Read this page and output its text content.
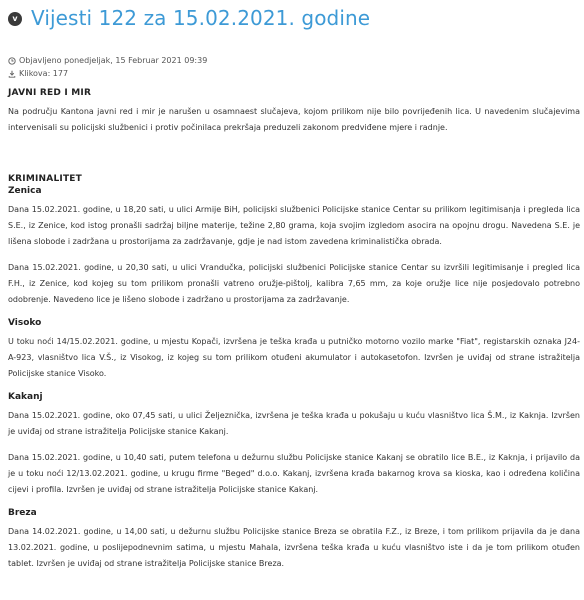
v Vijesti 122 za 15.02.2021. godine
Objavljeno ponedjeljak, 15 Februar 2021 09:39
Klikova: 177
JAVNI RED I MIR

Na području Kantona javni red i mir je narušen u osamnaest slučajeva, kojom prilikom nije bilo povrijeđenih lica. U navedenim slučajevima intervenisali su policijski službenici i protiv počinilaca prekršaja preduzeli zakonom predviđene mjere i radnje.

KRIMINALITET
Zenica

Dana 15.02.2021. godine, u 18,20 sati, u ulici Armije BiH, policijski službenici Policijske stanice Centar su prilikom legitimisanja i pregleda lica S.E., iz Zenice, kod istog pronašli sadržaj biljne materije, težine 2,80 grama, koja svojim izgledom asocira na opojnu drogu. Navedena S.E. je lišena slobode i zadržana u prostorijama za zadržavanje, gdje je nad istom zavedena kriminalistička obrada.

Dana 15.02.2021. godine, u 20,30 sati, u ulici Vrandučka, policijski službenici Policijske stanice Centar su izvršili legitimisanje i pregled lica F.H., iz Zenice, kod kojeg su tom prilikom pronašli vatreno oružje-pištolj, kalibra 7,65 mm, za koje oružje lice nije posjedovalo potrebno odobrenje. Navedeno lice je lišeno slobode i zadržano u prostorijama za zadržavanje.

Visoko

U toku noći 14/15.02.2021. godine, u mjestu Kopači, izvršena je teška krađa u putničko motorno vozilo marke "Fiat", registarskih oznaka J24-A-923, vlasništvo lica V.Š., iz Visokog, iz kojeg su tom prilikom otuđeni akumulator i autokasetofon. Izvršen je uviđaj od strane istražitelja Policijske stanice Visoko.

Kakanj

Dana 15.02.2021. godine, oko 07,45 sati, u ulici Željeznička, izvršena je teška krađa u pokušaju u kuću vlasništvo lica Š.M., iz Kaknja. Izvršen je uviđaj od strane istražitelja Policijske stanice Kakanj.

Dana 15.02.2021. godine, u 10,40 sati, putem telefona u dežurnu službu Policijske stanice Kakanj se obratilo lice B.E., iz Kaknja, i prijavilo da je u toku noći 12/13.02.2021. godine, u krugu firme "Beged" d.o.o. Kakanj, izvršena krađa bakarnog krova sa kioska, kao i određena količina cijevi i profila. Izvršen je uviđaj od strane istražitelja Policijske stanice Kakanj.

Breza

Dana 14.02.2021. godine, u 14,00 sati, u dežurnu službu Policijske stanice Breza se obratila F.Z., iz Breze, i tom prilikom prijavila da je dana 13.02.2021. godine, u poslijepodnevnim satima, u mjestu Mahala, izvršena teška krađa u kuću vlasništvo iste i da je tom prilikom otuđen tablet. Izvršen je uviđaj od strane istražitelja Policijske stanice Breza.
